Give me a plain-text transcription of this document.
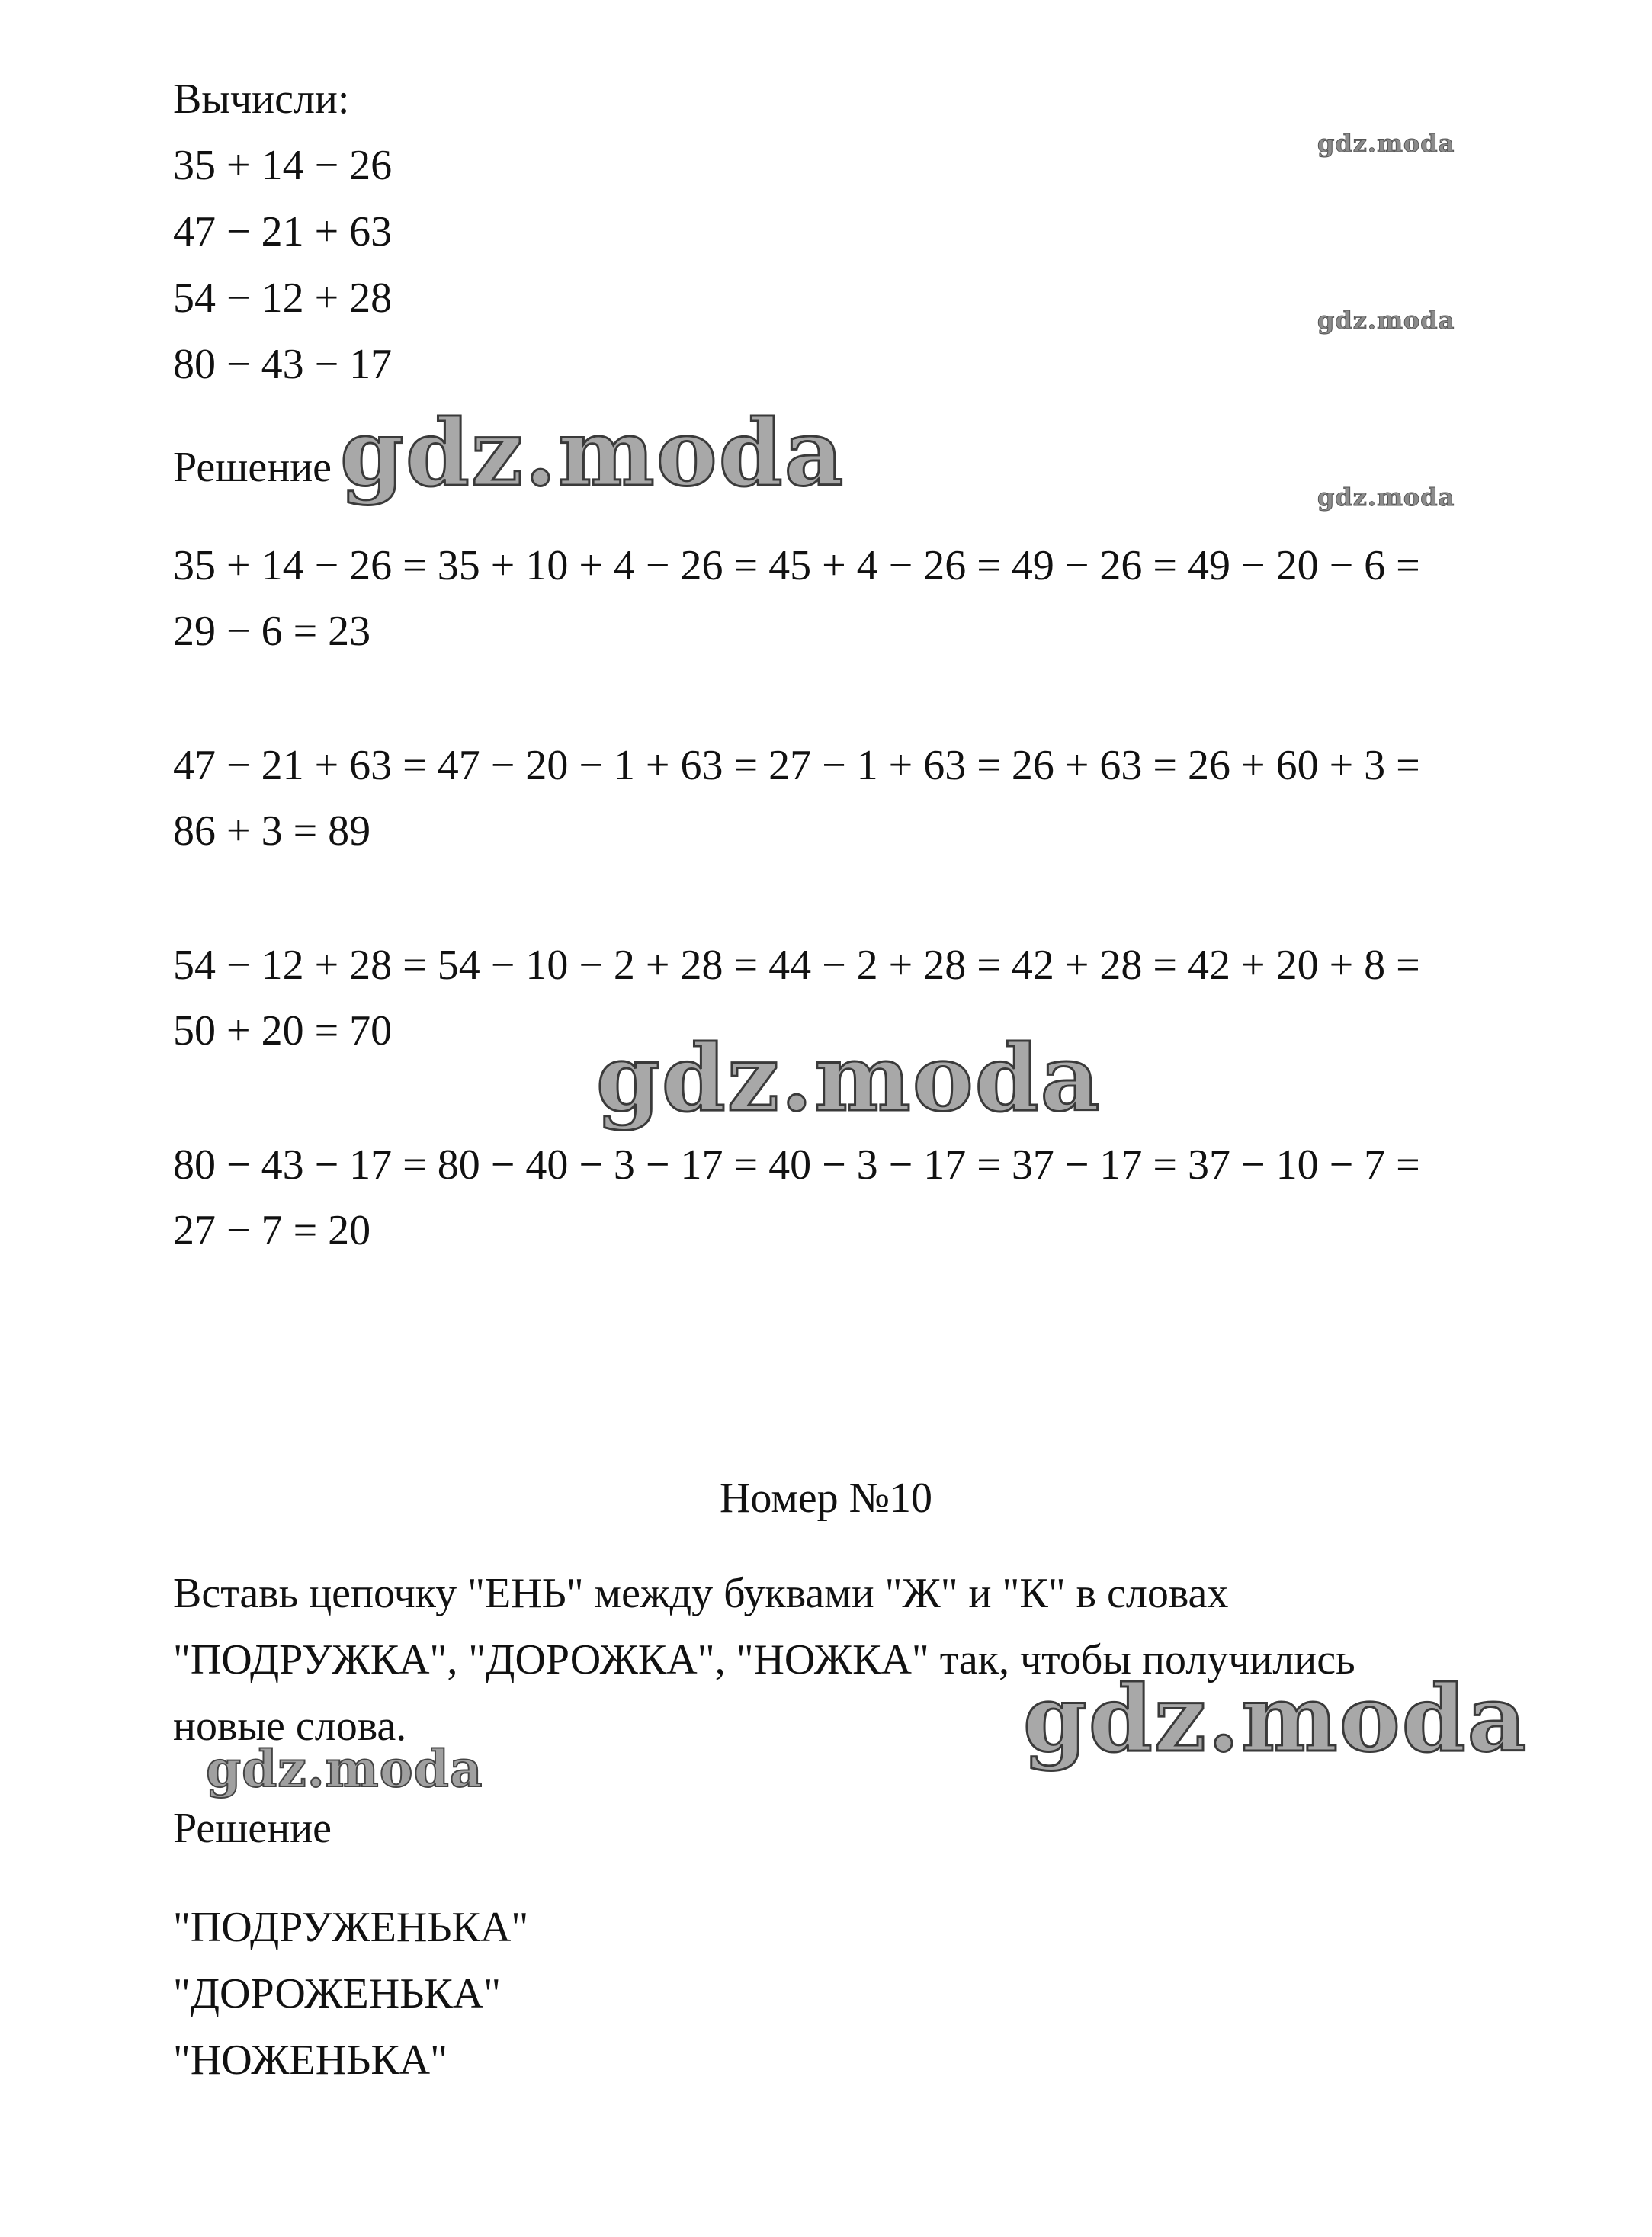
Вычисли:
35 + 14 − 26
47 − 21 + 63
54 − 12 + 28
80 − 43 − 17
Решение
35 + 14 − 26 = 35 + 10 + 4 − 26 = 45 + 4 − 26 = 49 − 26 = 49 − 20 − 6 =
29 − 6 = 23
47 − 21 + 63 = 47 − 20 − 1 + 63 = 27 − 1 + 63 = 26 + 63 = 26 + 60 + 3 =
86 + 3 = 89
54 − 12 + 28 = 54 − 10 − 2 + 28 = 44 − 2 + 28 = 42 + 28 = 42 + 20 + 8 =
50 + 20 = 70
80 − 43 − 17 = 80 − 40 − 3 − 17 = 40 − 3 − 17 = 37 − 17 = 37 − 10 − 7 =
27 − 7 = 20
Номер №10
Вставь цепочку "ЕНЬ" между буквами "Ж" и "К" в словах
"ПОДРУЖКА", "ДОРОЖКА", "НОЖКА" так, чтобы получились
новые слова.
Решение
"ПОДРУЖЕНЬКА"
"ДОРОЖЕНЬКА"
"НОЖЕНЬКА"
gdz.moda
gdz.moda
gdz.moda
gdz.moda
gdz.moda
gdz.moda
gdz.moda
